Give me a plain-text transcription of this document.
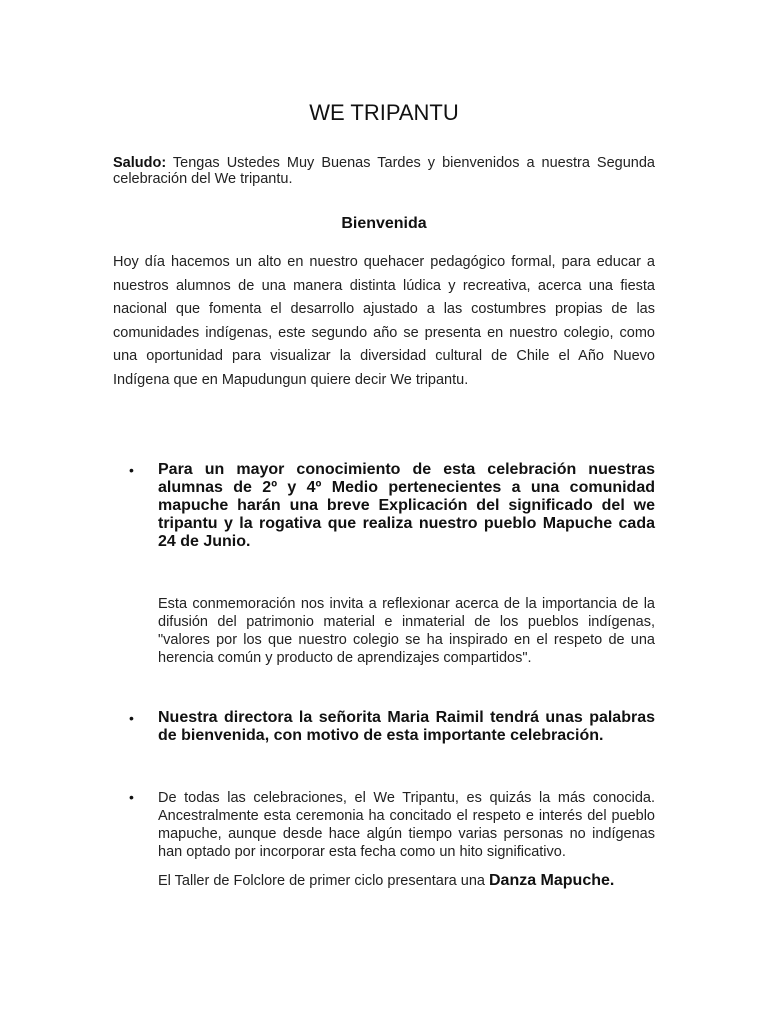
WE TRIPANTU

Saludo: Tengas Ustedes Muy Buenas Tardes y bienvenidos a nuestra Segunda celebración del We tripantu.

Bienvenida

Hoy día hacemos un alto en nuestro quehacer pedagógico formal, para educar a nuestros alumnos de una manera distinta lúdica y recreativa, acerca una fiesta nacional que fomenta el desarrollo ajustado a las costumbres propias de las comunidades indígenas, este segundo año se presenta en nuestro colegio, como una oportunidad para visualizar la diversidad cultural de Chile el Año Nuevo Indígena que en Mapudungun quiere decir We tripantu.

•	Para un mayor conocimiento de esta celebración nuestras alumnas de 2º y 4º Medio pertenecientes a una comunidad mapuche harán una breve Explicación del significado del we tripantu y la rogativa que realiza nuestro pueblo Mapuche cada 24 de Junio.

Esta conmemoración nos invita a reflexionar acerca de la importancia de la difusión del patrimonio material e inmaterial de los pueblos indígenas, "valores por los que nuestro colegio se ha inspirado en el respeto de una herencia común y producto de aprendizajes compartidos".

•	Nuestra directora la señorita Maria Raimil tendrá unas palabras de bienvenida, con motivo de esta importante celebración.

•	De todas las celebraciones, el We Tripantu, es quizás la más conocida. Ancestralmente esta ceremonia ha concitado el respeto e interés del pueblo mapuche, aunque desde hace algún tiempo varias personas no indígenas han optado por incorporar esta fecha como un hito significativo.

El Taller de Folclore de primer ciclo presentara una Danza Mapuche.
